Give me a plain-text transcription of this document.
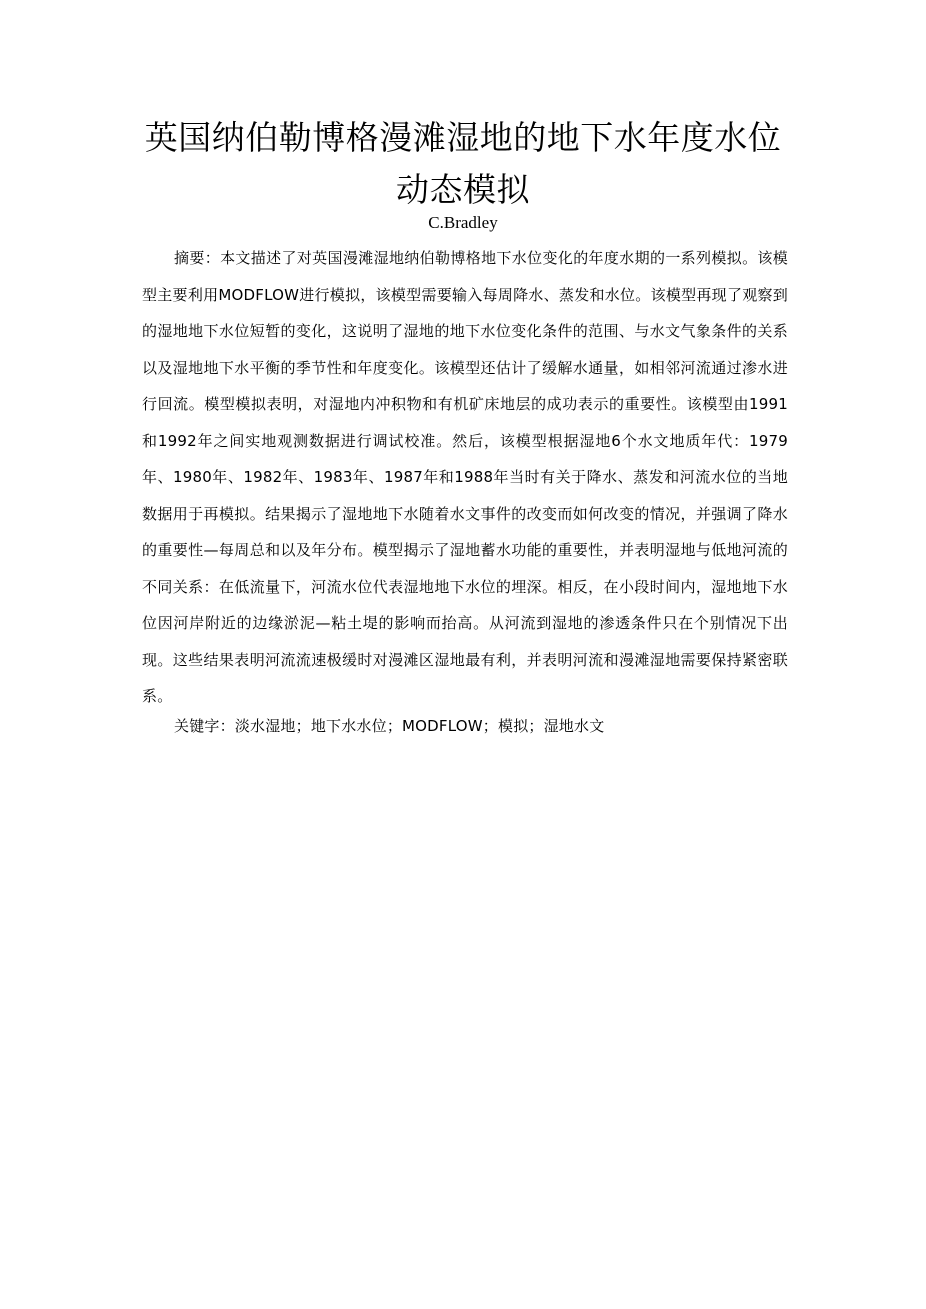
英国纳伯勒博格漫滩湿地的地下水年度水位动态模拟
C.Bradley

摘要：本文描述了对英国漫滩湿地纳伯勒博格地下水位变化的年度水期的一系列模拟。该模型主要利用MODFLOW进行模拟，该模型需要输入每周降水、蒸发和水位。该模型再现了观察到的湿地地下水位短暂的变化，这说明了湿地的地下水位变化条件的范围、与水文气象条件的关系以及湿地地下水平衡的季节性和年度变化。该模型还估计了缓解水通量，如相邻河流通过渗水进行回流。模型模拟表明，对湿地内冲积物和有机矿床地层的成功表示的重要性。该模型由1991和1992年之间实地观测数据进行调试校准。然后，该模型根据湿地6个水文地质年代：1979年、1980年、1982年、1983年、1987年和1988年当时有关于降水、蒸发和河流水位的当地数据用于再模拟。结果揭示了湿地地下水随着水文事件的改变而如何改变的情况，并强调了降水的重要性—每周总和以及年分布。模型揭示了湿地蓄水功能的重要性，并表明湿地与低地河流的不同关系：在低流量下，河流水位代表湿地地下水位的埋深。相反，在小段时间内，湿地地下水位因河岸附近的边缘淤泥—粘土堤的影响而抬高。从河流到湿地的渗透条件只在个别情况下出现。这些结果表明河流流速极缓时对漫滩区湿地最有利，并表明河流和漫滩湿地需要保持紧密联系。

关键字：淡水湿地；地下水水位；MODFLOW；模拟；湿地水文
